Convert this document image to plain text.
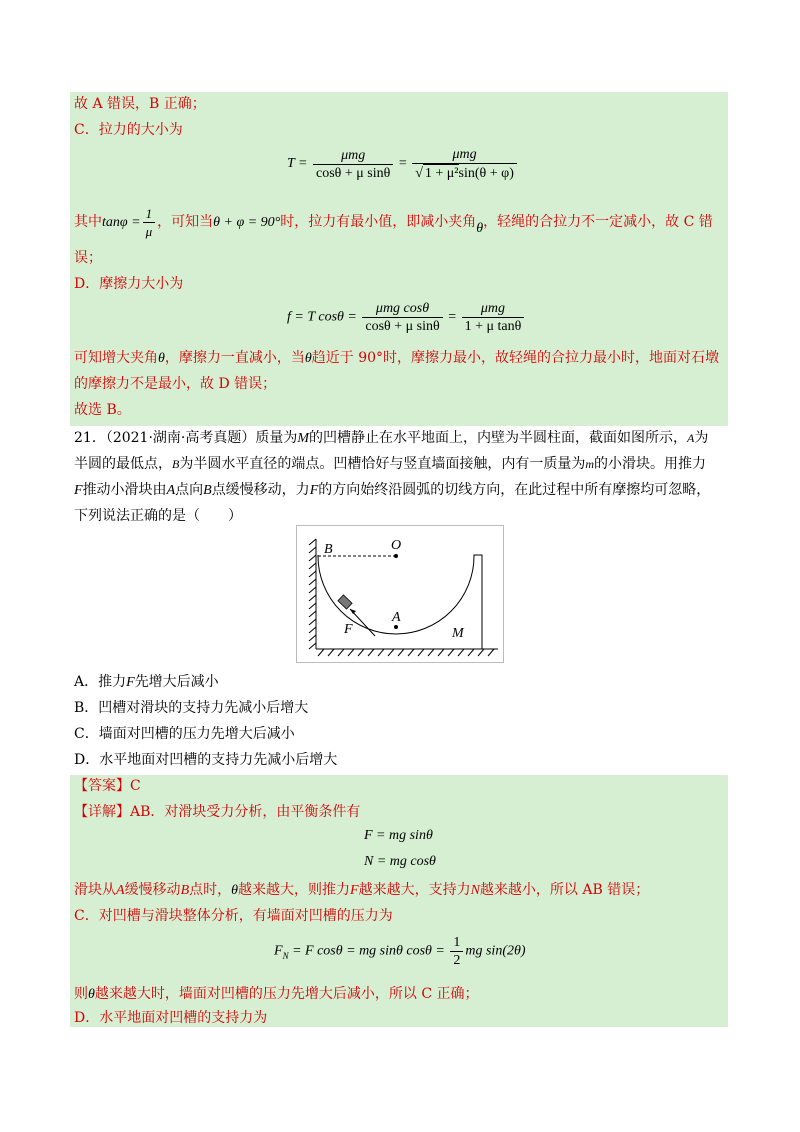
故 A 错误，B 正确；
C．拉力的大小为
$T = \frac{\text{μmg}}{\text{cosθ + μ sinθ}} = \frac{\text{μmg}}{\text{√ 1 + μ²sin(θ + φ)}}$
其中$\tan\varphi = \frac{1}{\mu}$ ，可知当θ + φ = 90°时，拉力有最小值，即减小夹角θ，轻绳的合拉力不一定减小，故 C 错
误；
D．摩擦力大小为
f = T $\cos\theta = \frac{\text{μmg cosθ}}{\text{cosθ + μ sinθ}} = \frac{\text{μmg}}{\text{1 + μ tanθ}}$
可知增大夹角θ，摩擦力一直减小，当θ趋近于 90°时，摩擦力最小，故轻绳的合拉力最小时，地面对石墩
的摩擦力不是最小，故 D 错误；
故选 B。
21．（2021·湖南·高考真题）质量为M的凹槽静止在水平地面上，内壁为半圆柱面，截面如图所示，A为
半圆的最低点，B为半圆水平直径的端点。凹槽恰好与竖直墙面接触，内有一质量为m的小滑块。用推力
F推动小滑块由A点向B点缓慢移动，力F的方向始终沿圆弧的切线方向，在此过程中所有摩擦均可忽略，
下列说法正确的是（　　）
B	O
A
F	M
A．推力F先增大后减小
B．凹槽对滑块的支持力先减小后增大
C．墙面对凹槽的压力先增大后减小
D．水平地面对凹槽的支持力先减小后增大
【答案】C
【详解】AB．对滑块受力分析，由平衡条件有
F = mg sinθ
N = mg cosθ
滑块从A缓慢移动B点时，θ越来越大，则推力F越来越大，支持力N越来越小，所以 AB 错误；
C．对凹槽与滑块整体分析，有墙面对凹槽的压力为
$F_N = F$ cosθ = mg sinθ $\cos\theta = \frac{1}{2}$ mg sin(2θ)
则θ越来越大时，墙面对凹槽的压力先增大后减小，所以 C 正确；
D．水平地面对凹槽的支持力为
